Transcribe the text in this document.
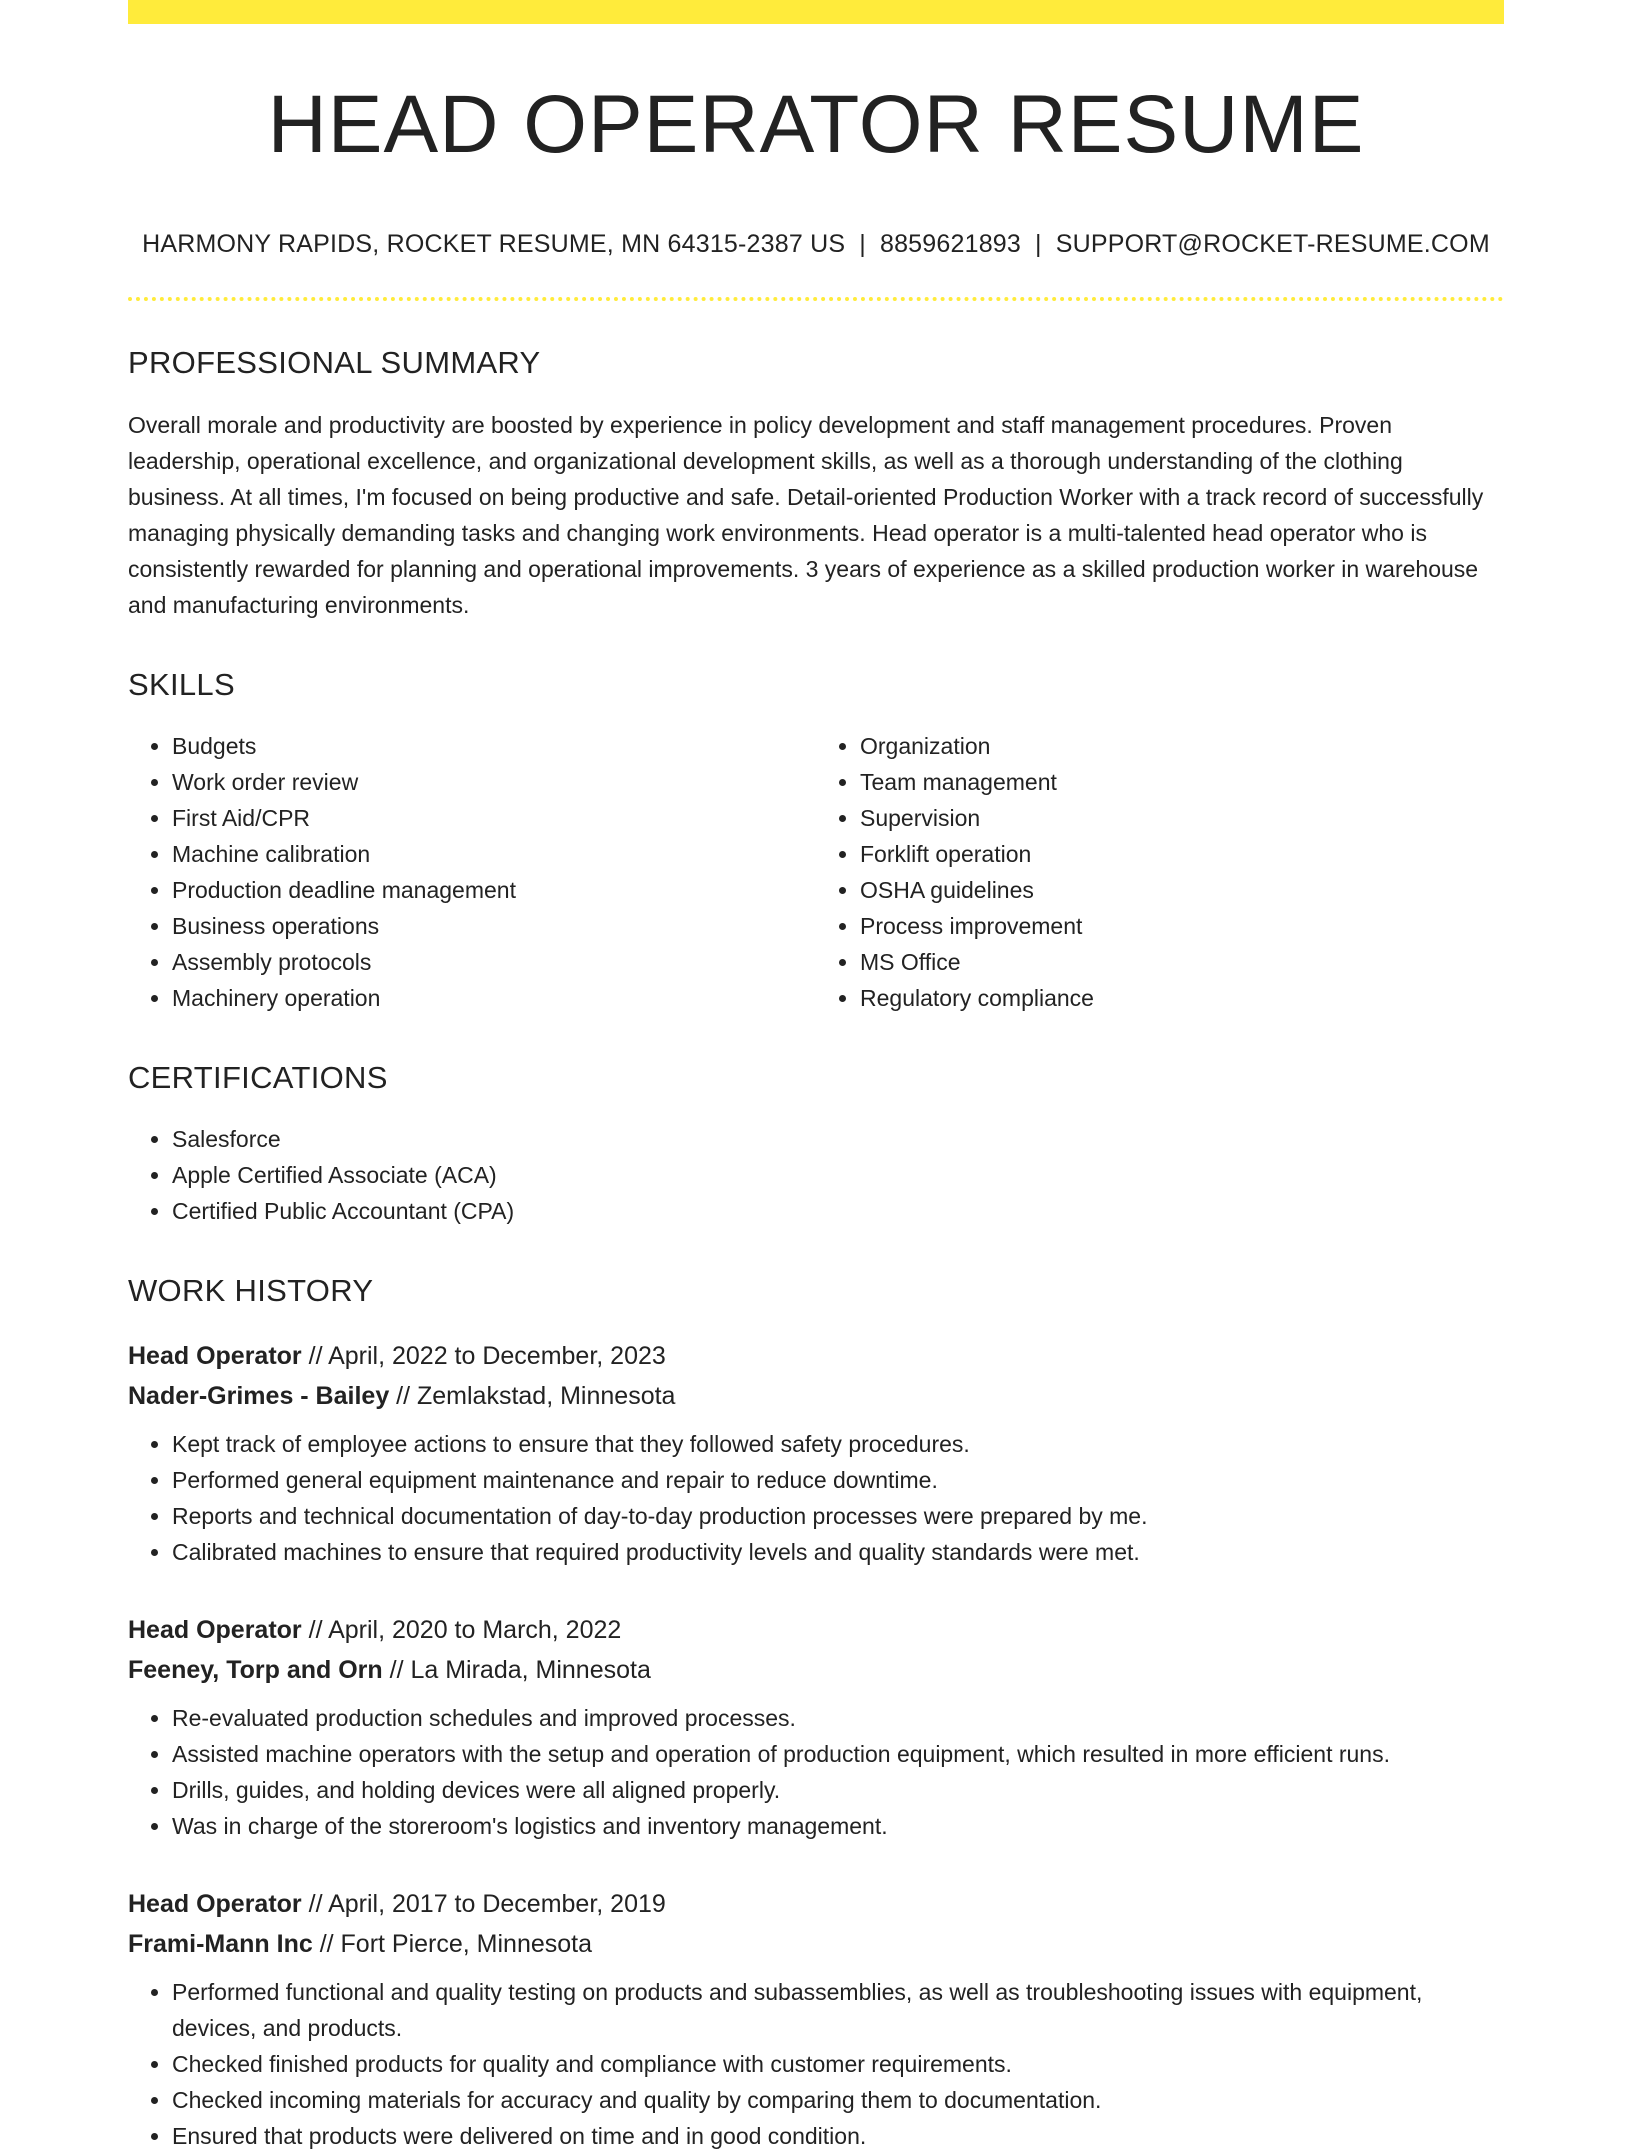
HEAD OPERATOR RESUME
HARMONY RAPIDS, ROCKET RESUME, MN 64315-2387 US | 8859621893 | SUPPORT@ROCKET-RESUME.COM
PROFESSIONAL SUMMARY
Overall morale and productivity are boosted by experience in policy development and staff management procedures. Proven leadership, operational excellence, and organizational development skills, as well as a thorough understanding of the clothing business. At all times, I'm focused on being productive and safe. Detail-oriented Production Worker with a track record of successfully managing physically demanding tasks and changing work environments. Head operator is a multi-talented head operator who is consistently rewarded for planning and operational improvements. 3 years of experience as a skilled production worker in warehouse and manufacturing environments.
SKILLS
• Budgets
• Work order review
• First Aid/CPR
• Machine calibration
• Production deadline management
• Business operations
• Assembly protocols
• Machinery operation
• Organization
• Team management
• Supervision
• Forklift operation
• OSHA guidelines
• Process improvement
• MS Office
• Regulatory compliance
CERTIFICATIONS
• Salesforce
• Apple Certified Associate (ACA)
• Certified Public Accountant (CPA)
WORK HISTORY
Head Operator // April, 2022 to December, 2023
Nader-Grimes - Bailey // Zemlakstad, Minnesota
• Kept track of employee actions to ensure that they followed safety procedures.
• Performed general equipment maintenance and repair to reduce downtime.
• Reports and technical documentation of day-to-day production processes were prepared by me.
• Calibrated machines to ensure that required productivity levels and quality standards were met.
Head Operator // April, 2020 to March, 2022
Feeney, Torp and Orn // La Mirada, Minnesota
• Re-evaluated production schedules and improved processes.
• Assisted machine operators with the setup and operation of production equipment, which resulted in more efficient runs.
• Drills, guides, and holding devices were all aligned properly.
• Was in charge of the storeroom's logistics and inventory management.
Head Operator // April, 2017 to December, 2019
Frami-Mann Inc // Fort Pierce, Minnesota
• Performed functional and quality testing on products and subassemblies, as well as troubleshooting issues with equipment, devices, and products.
• Checked finished products for quality and compliance with customer requirements.
• Checked incoming materials for accuracy and quality by comparing them to documentation.
• Ensured that products were delivered on time and in good condition.
